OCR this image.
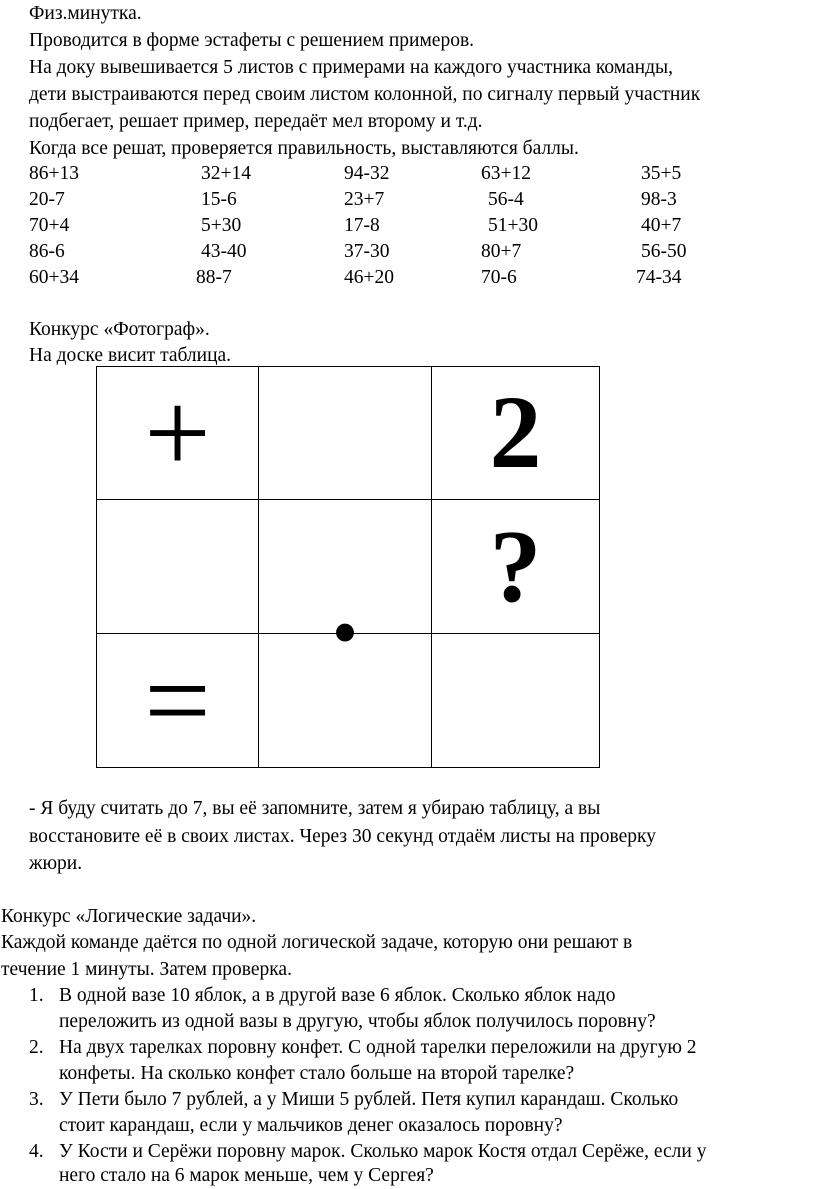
Физ.минутка.
Проводится в форме эстафеты с решением примеров.
На доку вывешивается 5 листов с примерами на каждого участника команды,
дети выстраиваются перед своим листом колонной, по сигналу первый участник
подбегает, решает пример, передаёт мел второму и т.д.
Когда все решат, проверяется правильность, выставляются баллы.
86+13	32+14	94-32	63+12	35+5
20-7	15-6	23+7	56-4	98-3
70+4	5+30	17-8	51+30	40+7
86-6	43-40	37-30	80+7	56-50
60+34	88-7	46+20	70-6	74-34
Конкурс «Фотограф».
На доске висит таблица.
+		2

	.	?

=		

- Я буду считать до 7, вы её запомните, затем я убираю таблицу, а вы
восстановите её в своих листах. Через 30 секунд отдаём листы на проверку
жюри.
Конкурс «Логические задачи».
Каждой команде даётся по одной логической задаче, которую они решают в
течение 1 минуты. Затем проверка.
1. В одной вазе 10 яблок, а в другой вазе 6 яблок. Сколько яблок надо
переложить из одной вазы в другую, чтобы яблок получилось поровну?
2. На двух тарелках поровну конфет. С одной тарелки переложили на другую 2
конфеты. На сколько конфет стало больше на второй тарелке?
3. У Пети было 7 рублей, а у Миши 5 рублей. Петя купил карандаш. Сколько
стоит карандаш, если у мальчиков денег оказалось поровну?
4. У Кости и Серёжи поровну марок. Сколько марок Костя отдал Серёже, если у
него стало на 6 марок меньше, чем у Сергея?
